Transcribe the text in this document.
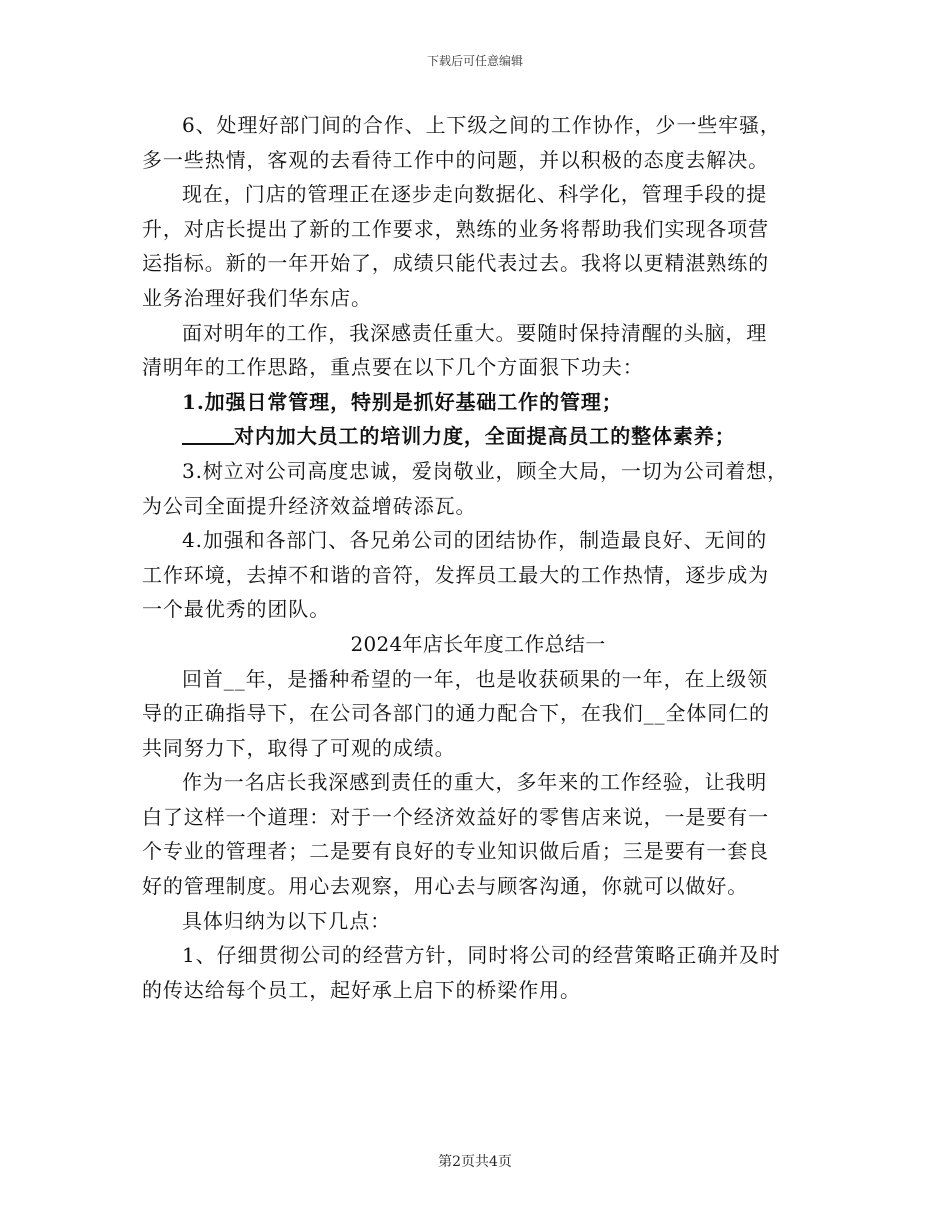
下载后可任意编辑
6、处理好部门间的合作、上下级之间的工作协作，少一些牢骚，
多一些热情，客观的去看待工作中的问题，并以积极的态度去解决。
现在，门店的管理正在逐步走向数据化、科学化，管理手段的提
升，对店长提出了新的工作要求，熟练的业务将帮助我们实现各项营
运指标。新的一年开始了，成绩只能代表过去。我将以更精湛熟练的
业务治理好我们华东店。
面对明年的工作，我深感责任重大。要随时保持清醒的头脑，理
清明年的工作思路，重点要在以下几个方面狠下功夫：
1.加强日常管理，特别是抓好基础工作的管理；
对内加大员工的培训力度，全面提高员工的整体素养；
3.树立对公司高度忠诚，爱岗敬业，顾全大局，一切为公司着想，
为公司全面提升经济效益增砖添瓦。
4.加强和各部门、各兄弟公司的团结协作，制造最良好、无间的
工作环境，去掉不和谐的音符，发挥员工最大的工作热情，逐步成为
一个最优秀的团队。
2024年店长年度工作总结一
回首__年，是播种希望的一年，也是收获硕果的一年，在上级领
导的正确指导下，在公司各部门的通力配合下，在我们__全体同仁的
共同努力下，取得了可观的成绩。
作为一名店长我深感到责任的重大，多年来的工作经验，让我明
白了这样一个道理：对于一个经济效益好的零售店来说，一是要有一
个专业的管理者；二是要有良好的专业知识做后盾；三是要有一套良
好的管理制度。用心去观察，用心去与顾客沟通，你就可以做好。
具体归纳为以下几点：
1、仔细贯彻公司的经营方针，同时将公司的经营策略正确并及时
的传达给每个员工，起好承上启下的桥梁作用。
第2页共4页
